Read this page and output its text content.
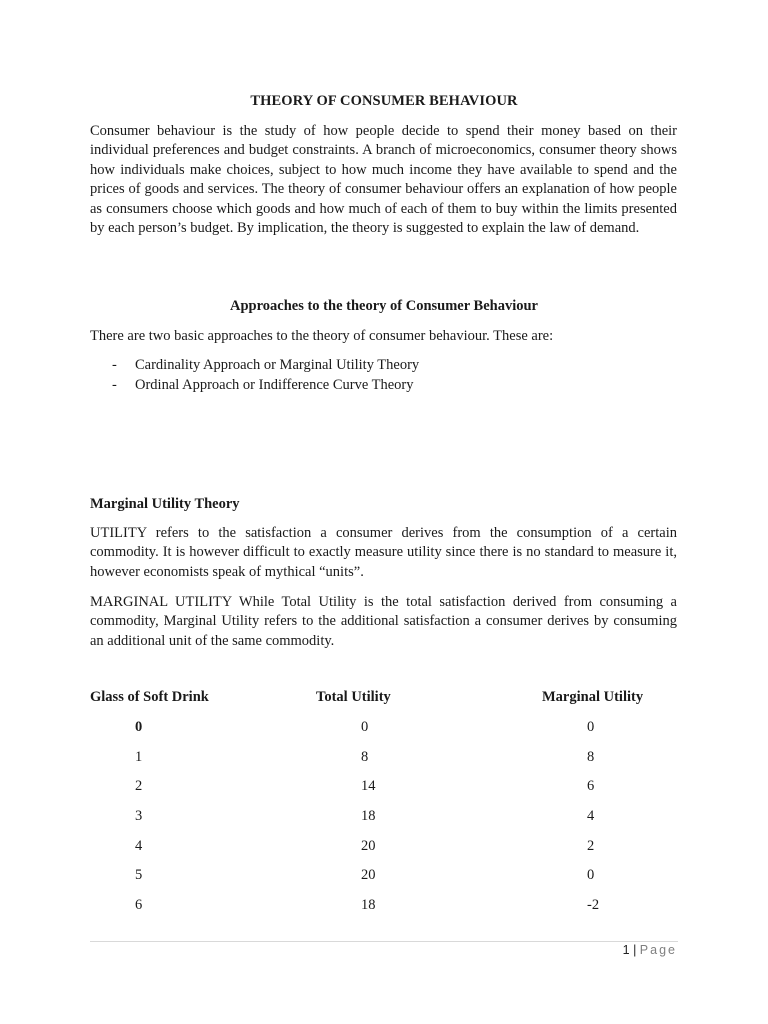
THEORY OF CONSUMER BEHAVIOUR

Consumer behaviour is the study of how people decide to spend their money based on their individual preferences and budget constraints. A branch of microeconomics, consumer theory shows how individuals make choices, subject to how much income they have available to spend and the prices of goods and services. The theory of consumer behaviour offers an explanation of how people as consumers choose which goods and how much of each of them to buy within the limits presented by each person’s budget. By implication, the theory is suggested to explain the law of demand.

Approaches to the theory of Consumer Behaviour

There are two basic approaches to the theory of consumer behaviour. These are:

- Cardinality Approach or Marginal Utility Theory
- Ordinal Approach or Indifference Curve Theory
Marginal Utility Theory

UTILITY refers to the satisfaction a consumer derives from the consumption of a certain commodity. It is however difficult to exactly measure utility since there is no standard to measure it, however economists speak of mythical “units”.

MARGINAL UTILITY While Total Utility is the total satisfaction derived from consuming a commodity, Marginal Utility refers to the additional satisfaction a consumer derives by consuming an additional unit of the same commodity.

Glass of Soft Drink	Total Utility	Marginal Utility
0	0	0
1	8	8
2	14	6
3	18	4
4	20	2
5	20	0
6	18	-2
1 | Page
